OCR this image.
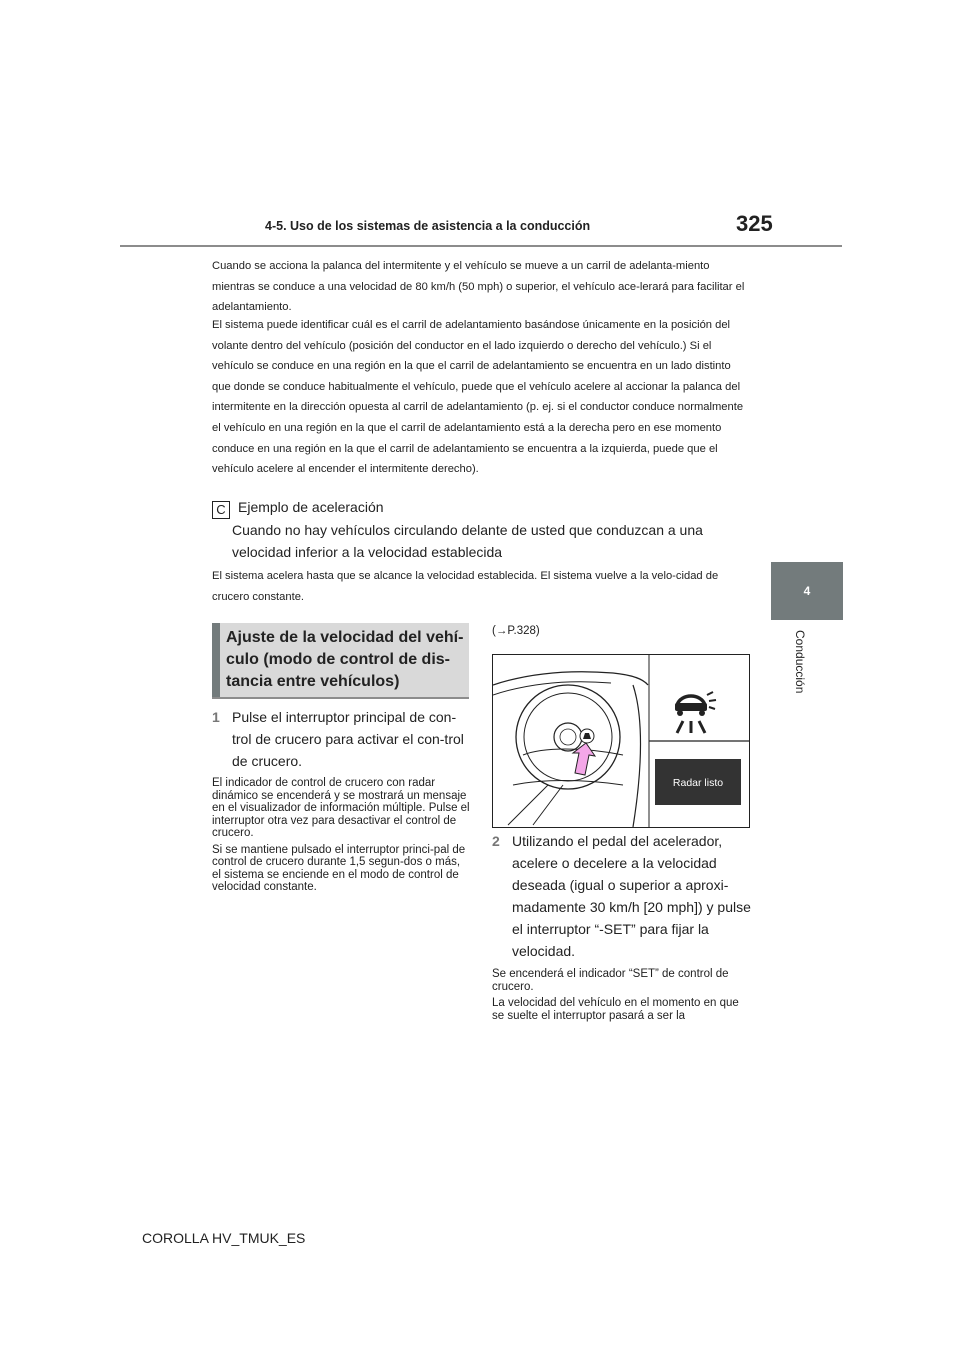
4-5. Uso de los sistemas de asistencia a la conducción	325
4
Conducción

Cuando se acciona la palanca del intermitente y el vehículo se mueve a un carril de adelanta-miento mientras se conduce a una velocidad de 80 km/h (50 mph) o superior, el vehículo ace-lerará para facilitar el adelantamiento.

El sistema puede identificar cuál es el carril de adelantamiento basándose únicamente en la posición del volante dentro del vehículo (posición del conductor en el lado izquierdo o derecho del vehículo.) Si el vehículo se conduce en una región en la que el carril de adelantamiento se encuentra en un lado distinto que donde se conduce habitualmente el vehículo, puede que el vehículo acelere al accionar la palanca del intermitente en la dirección opuesta al carril de adelantamiento (p. ej. si el conductor conduce normalmente el vehículo en una región en la que el carril de adelantamiento está a la derecha pero en ese momento conduce en una región en la que el carril de adelantamiento se encuentra a la izquierda, puede que el vehículo acelere al encender el intermitente derecho).

C Ejemplo de aceleración
Cuando no hay vehículos circulando delante de usted que conduzcan a una
velocidad inferior a la velocidad establecida

El sistema acelera hasta que se alcance la velocidad establecida. El sistema vuelve a la velo-cidad de crucero constante.

Ajuste de la velocidad del vehí-culo (modo de control de dis-tancia entre vehículos)
1 Pulse el interruptor principal de con-trol de crucero para activar el con-trol de crucero.

El indicador de control de crucero con radar dinámico se encenderá y se mostrará un mensaje en el visualizador de información múltiple. Pulse el interruptor otra vez para desactivar el control de crucero.

Si se mantiene pulsado el interruptor princi-pal de control de crucero durante 1,5 segun-dos o más, el sistema se enciende en el modo de control de velocidad constante.

(→P.328)
Radar listo
2 Utilizando el pedal del acelerador, acelere o decelere a la velocidad deseada (igual o superior a aproxi-madamente 30 km/h [20 mph]) y pulse el interruptor “-SET” para fijar la velocidad.

Se encenderá el indicador “SET” de control de crucero.

La velocidad del vehículo en el momento en que se suelte el interruptor pasará a ser la

COROLLA HV_TMUK_ES
